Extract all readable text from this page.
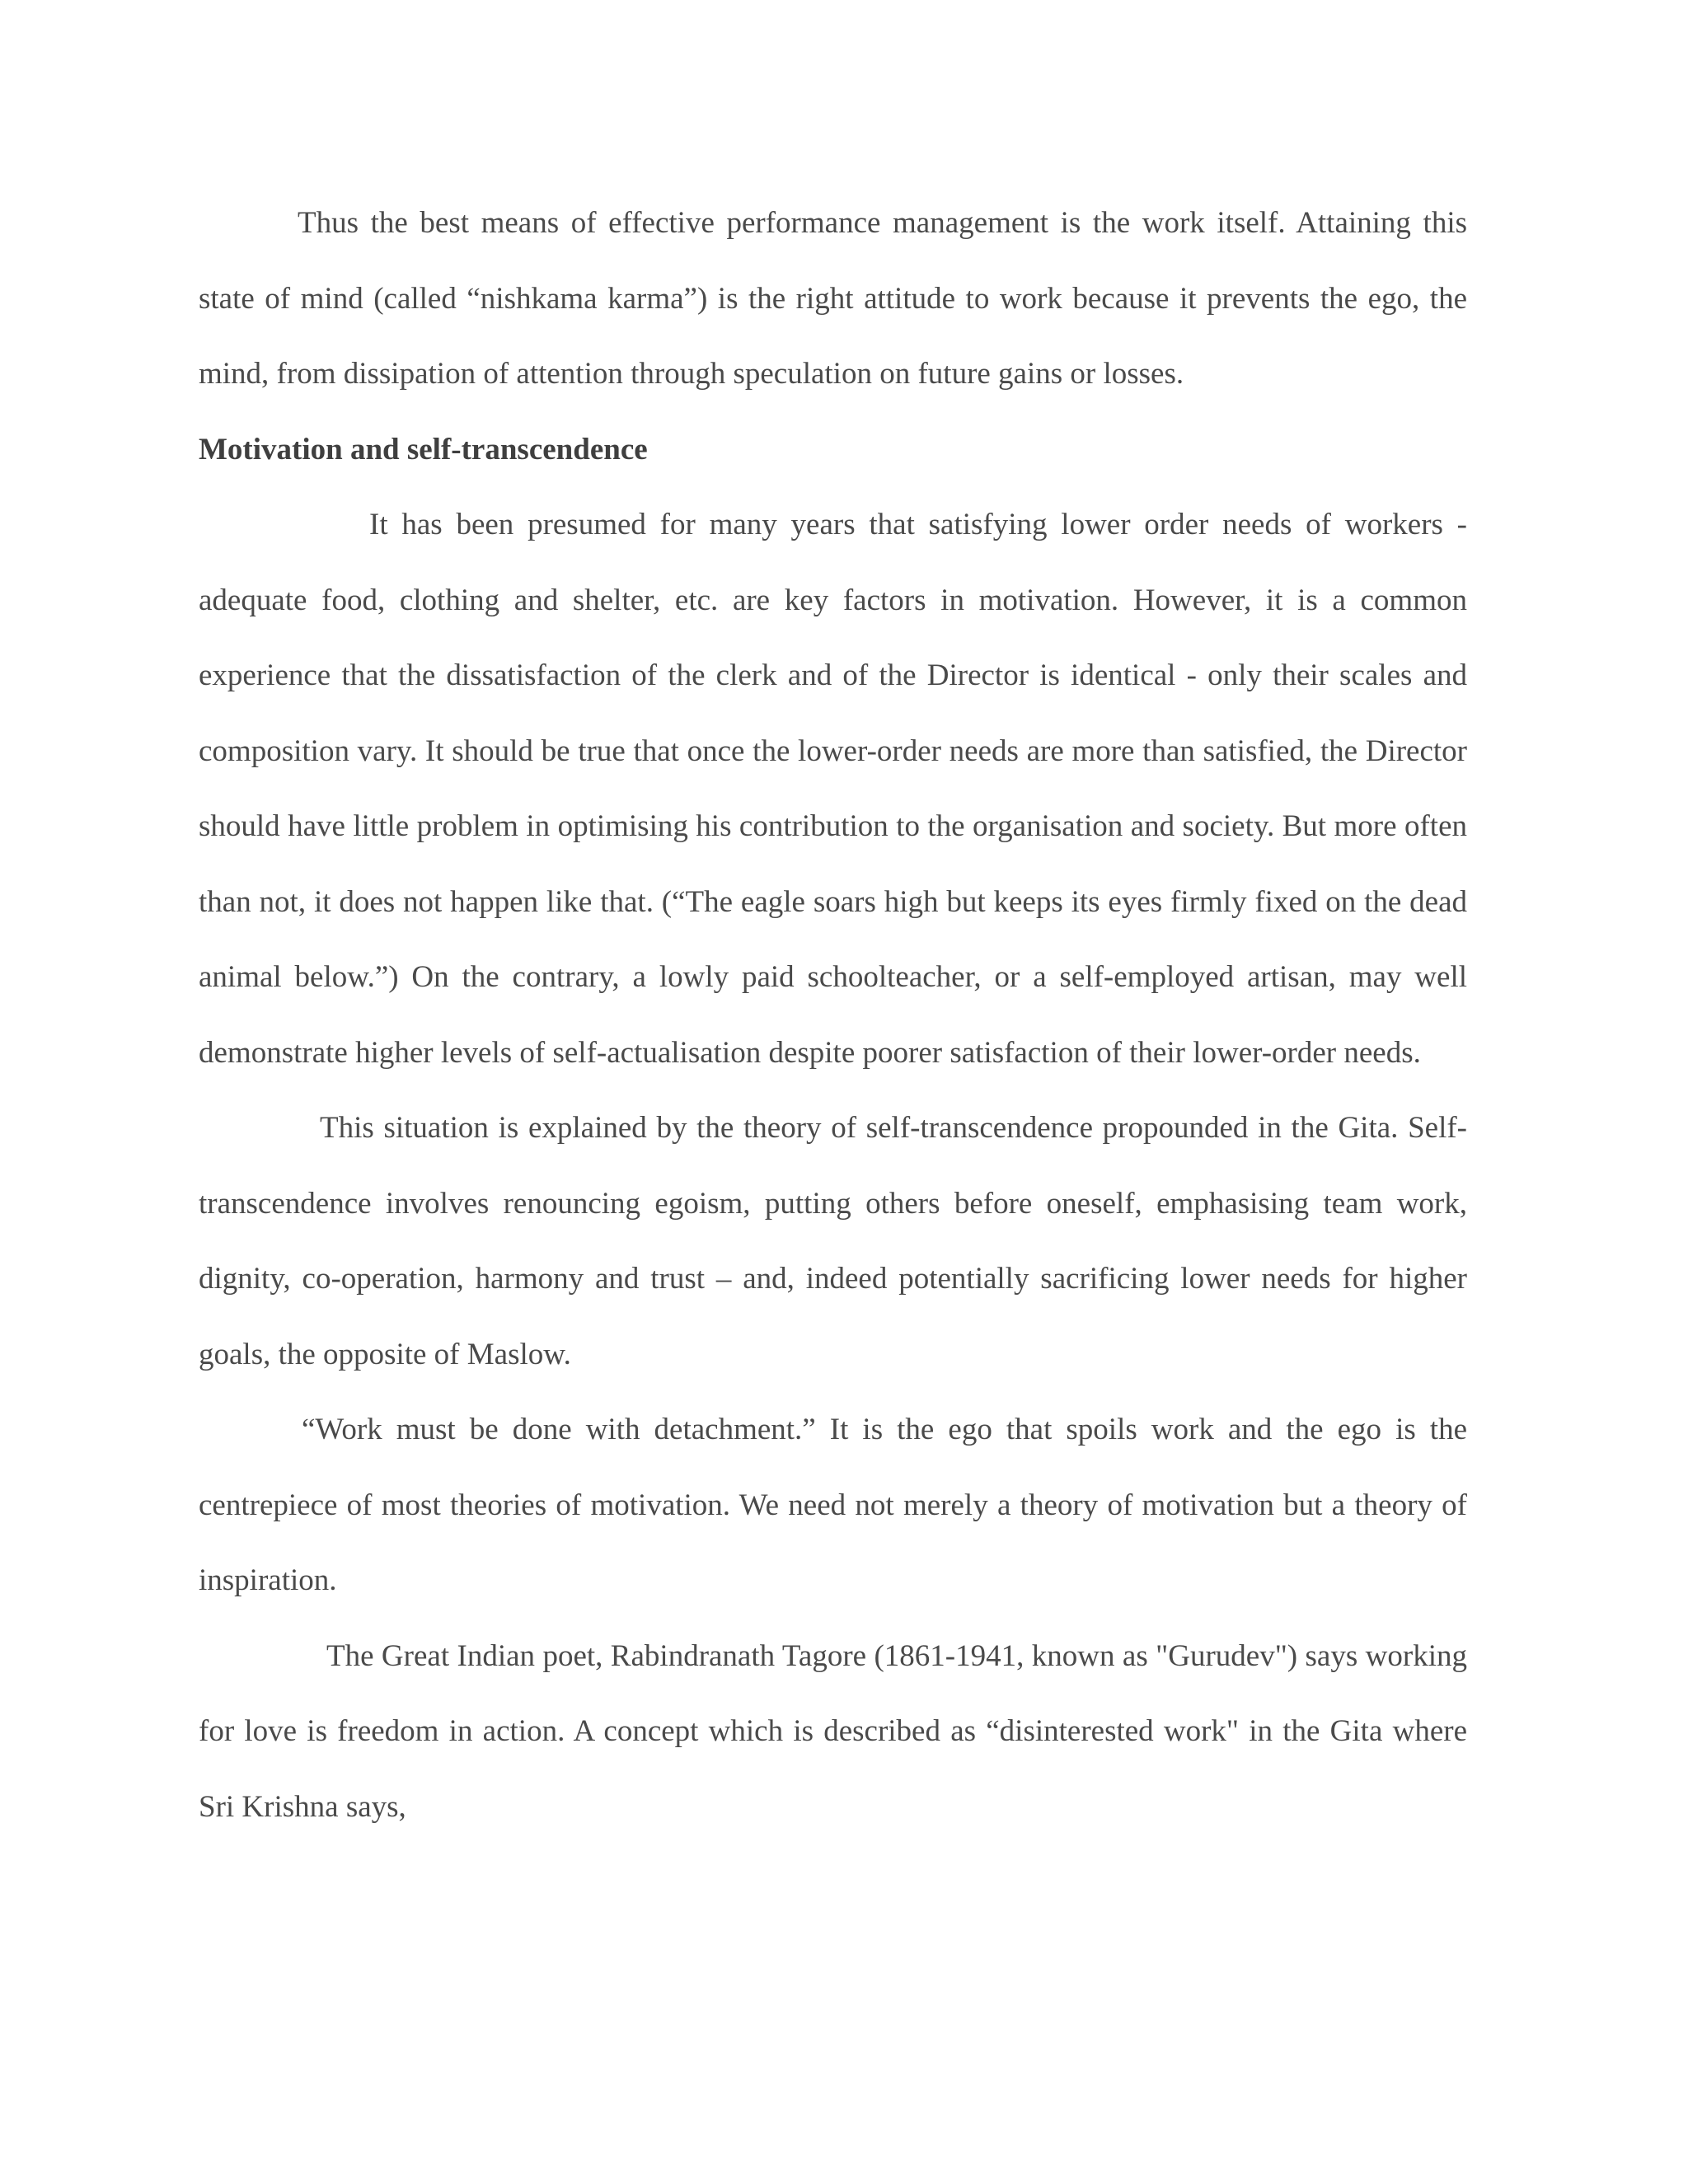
Thus the best means of effective performance management is the work itself. Attaining this state of mind (called “nishkama karma”) is the right attitude to work because it prevents the ego, the mind, from dissipation of attention through speculation on future gains or losses.

Motivation and self-transcendence

It has been presumed for many years that satisfying lower order needs of workers - adequate food, clothing and shelter, etc. are key factors in motivation. However, it is a common experience that the dissatisfaction of the clerk and of the Director is identical - only their scales and composition vary. It should be true that once the lower-order needs are more than satisfied, the Director should have little problem in optimising his contribution to the organisation and society. But more often than not, it does not happen like that. (“The eagle soars high but keeps its eyes firmly fixed on the dead animal below.”) On the contrary, a lowly paid schoolteacher, or a self-employed artisan, may well demonstrate higher levels of self-actualisation despite poorer satisfaction of their lower-order needs.

This situation is explained by the theory of self-transcendence propounded in the Gita. Self-transcendence involves renouncing egoism, putting others before oneself, emphasising team work, dignity, co-operation, harmony and trust – and, indeed potentially sacrificing lower needs for higher goals, the opposite of Maslow.

“Work must be done with detachment.” It is the ego that spoils work and the ego is the centrepiece of most theories of motivation. We need not merely a theory of motivation but a theory of inspiration.

The Great Indian poet, Rabindranath Tagore (1861-1941, known as "Gurudev") says working for love is freedom in action. A concept which is described as “disinterested work" in the Gita where Sri Krishna says,
